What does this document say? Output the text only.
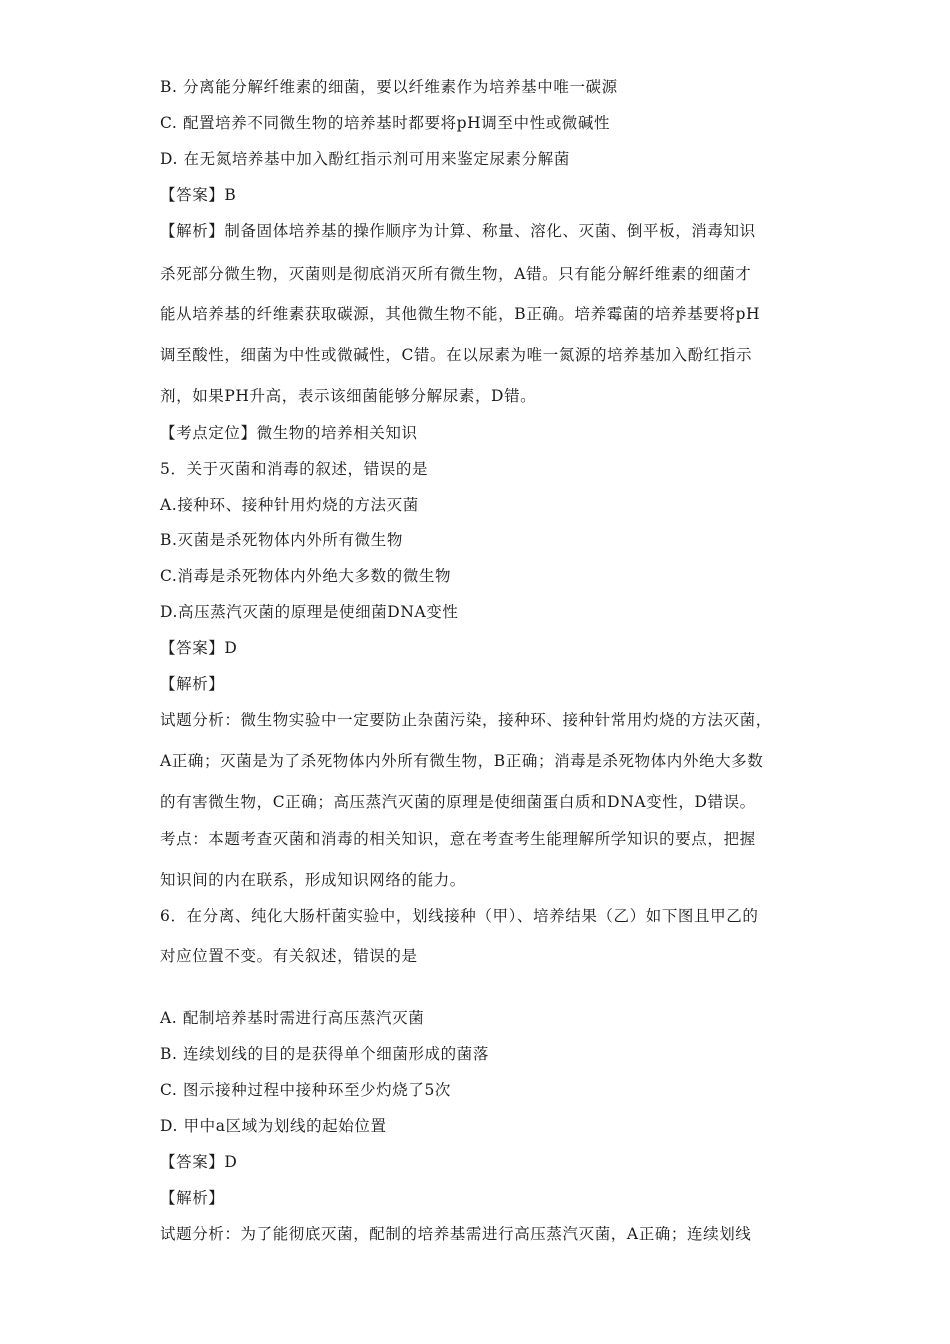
B. 分离能分解纤维素的细菌，要以纤维素作为培养基中唯一碳源
C. 配置培养不同微生物的培养基时都要将pH调至中性或微碱性
D. 在无氮培养基中加入酚红指示剂可用来鉴定尿素分解菌
【答案】B
【解析】制备固体培养基的操作顺序为计算、称量、溶化、灭菌、倒平板，消毒知识
杀死部分微生物，灭菌则是彻底消灭所有微生物，A错。只有能分解纤维素的细菌才
能从培养基的纤维素获取碳源，其他微生物不能，B正确。培养霉菌的培养基要将pH
调至酸性，细菌为中性或微碱性，C错。在以尿素为唯一氮源的培养基加入酚红指示
剂，如果PH升高，表示该细菌能够分解尿素，D错。
【考点定位】微生物的培养相关知识
5．关于灭菌和消毒的叙述，错误的是
A.接种环、接种针用灼烧的方法灭菌
B.灭菌是杀死物体内外所有微生物
C.消毒是杀死物体内外绝大多数的微生物
D.高压蒸汽灭菌的原理是使细菌DNA变性
【答案】D
【解析】
试题分析：微生物实验中一定要防止杂菌污染，接种环、接种针常用灼烧的方法灭菌，
A正确；灭菌是为了杀死物体内外所有微生物，B正确；消毒是杀死物体内外绝大多数
的有害微生物，C正确；高压蒸汽灭菌的原理是使细菌蛋白质和DNA变性，D错误。
考点：本题考查灭菌和消毒的相关知识，意在考查考生能理解所学知识的要点，把握
知识间的内在联系，形成知识网络的能力。
6．在分离、纯化大肠杆菌实验中，划线接种（甲）、培养结果（乙）如下图且甲乙的
对应位置不变。有关叙述，错误的是
A. 配制培养基时需进行高压蒸汽灭菌
B. 连续划线的目的是获得单个细菌形成的菌落
C. 图示接种过程中接种环至少灼烧了5次
D. 甲中a区域为划线的起始位置
【答案】D
【解析】
试题分析：为了能彻底灭菌，配制的培养基需进行高压蒸汽灭菌，A正确；连续划线
